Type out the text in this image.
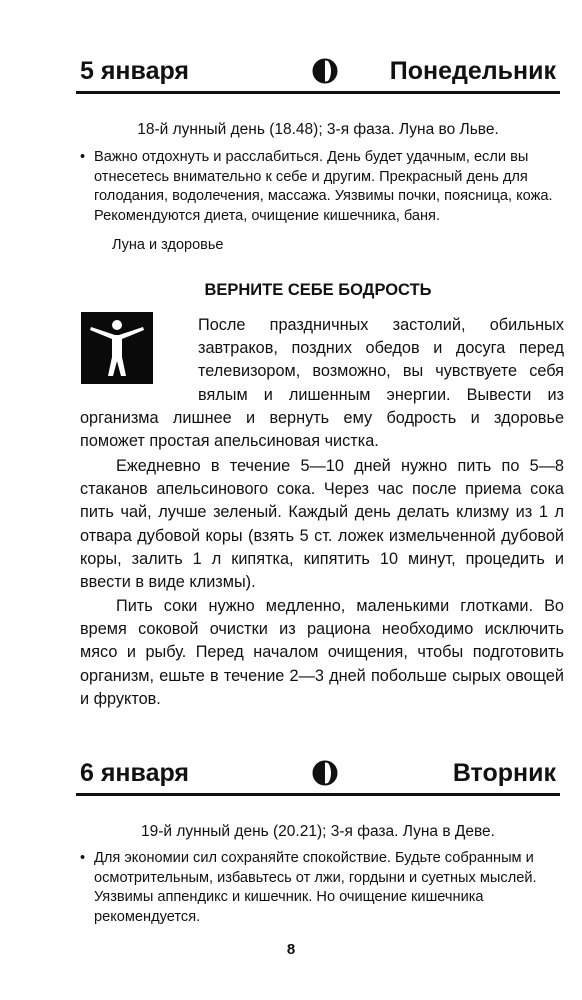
5 января	Понедельник
18-й лунный день (18.48); 3-я фаза. Луна во Льве.
• Важно отдохнуть и расслабиться. День будет удачным, если вы отнесетесь внимательно к себе и другим. Прекрасный день для голодания, водолечения, массажа. Уязвимы почки, поясница, кожа. Рекомендуются диета, очищение кишечника, баня.
Луна и здоровье
ВЕРНИТЕ СЕБЕ БОДРОСТЬ

После праздничных застолий, обильных завтраков, поздних обедов и досуга перед телевизором, возможно, вы чувствуете себя вялым и лишенным энергии. Вывести из организма лишнее и вернуть ему бодрость и здоровье поможет простая апельсиновая чистка.

Ежедневно в течение 5—10 дней нужно пить по 5—8 стаканов апельсинового сока. Через час после приема сока пить чай, лучше зеленый. Каждый день делать клизму из 1 л отвара дубовой коры (взять 5 ст. ложек измельченной дубовой коры, залить 1 л кипятка, кипятить 10 минут, процедить и ввести в виде клизмы).

Пить соки нужно медленно, маленькими глотками. Во время соковой очистки из рациона необходимо исключить мясо и рыбу. Перед началом очищения, чтобы подготовить организм, ешьте в течение 2—3 дней побольше сырых овощей и фруктов.

6 января	Вторник
19-й лунный день (20.21); 3-я фаза. Луна в Деве.
• Для экономии сил сохраняйте спокойствие. Будьте собранным и осмотрительным, избавьтесь от лжи, гордыни и суетных мыслей. Уязвимы аппендикс и кишечник. Но очищение кишечника рекомендуется.
8
